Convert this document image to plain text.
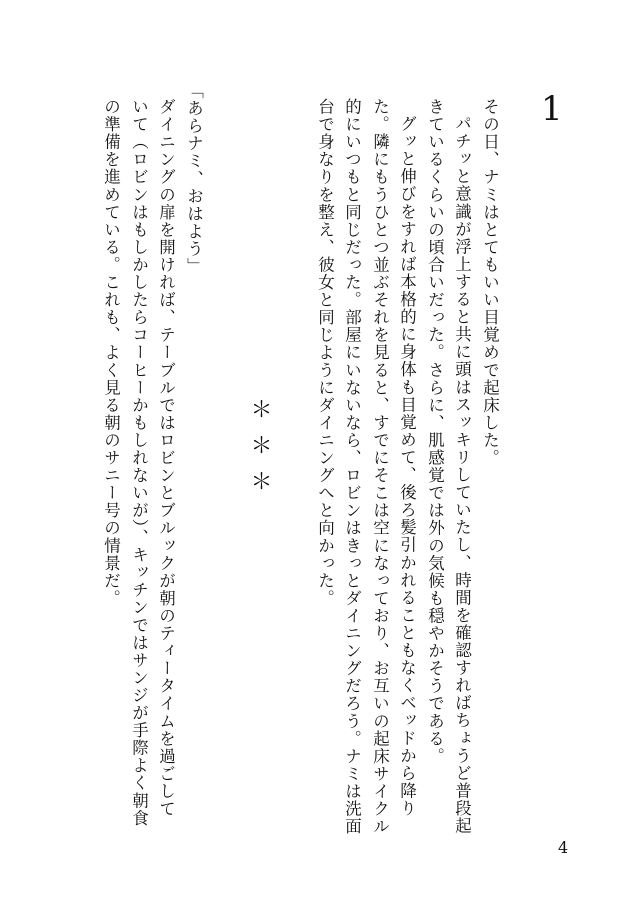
1
その日、ナミはとてもいい目覚めで起床した。
パチッと意識が浮上すると共に頭はスッキリしていたし、時間を確認すればちょうど普段起
きているくらいの頃合いだった。さらに、肌感覚では外の気候も穏やかそうである。
グッと伸びをすれば本格的に身体も目覚めて、後ろ髪引かれることもなくベッドから降り
た。隣にもうひとつ並ぶそれを見ると、すでにそこは空になっており、お互いの起床サイクル
的にいつもと同じだった。部屋にいないなら、ロビンはきっとダイニングだろう。ナミは洗面
台で身なりを整え、彼女と同じようにダイニングへと向かった。
＊＊＊
「あらナミ、おはよう」
ダイニングの扉を開ければ、テーブルではロビンとブルックが朝のティータイムを過ごして
いて（ロビンはもしかしたらコーヒーかもしれないが）、キッチンではサンジが手際よく朝食
の準備を進めている。これも、よく見る朝のサニー号の情景だ。
4
